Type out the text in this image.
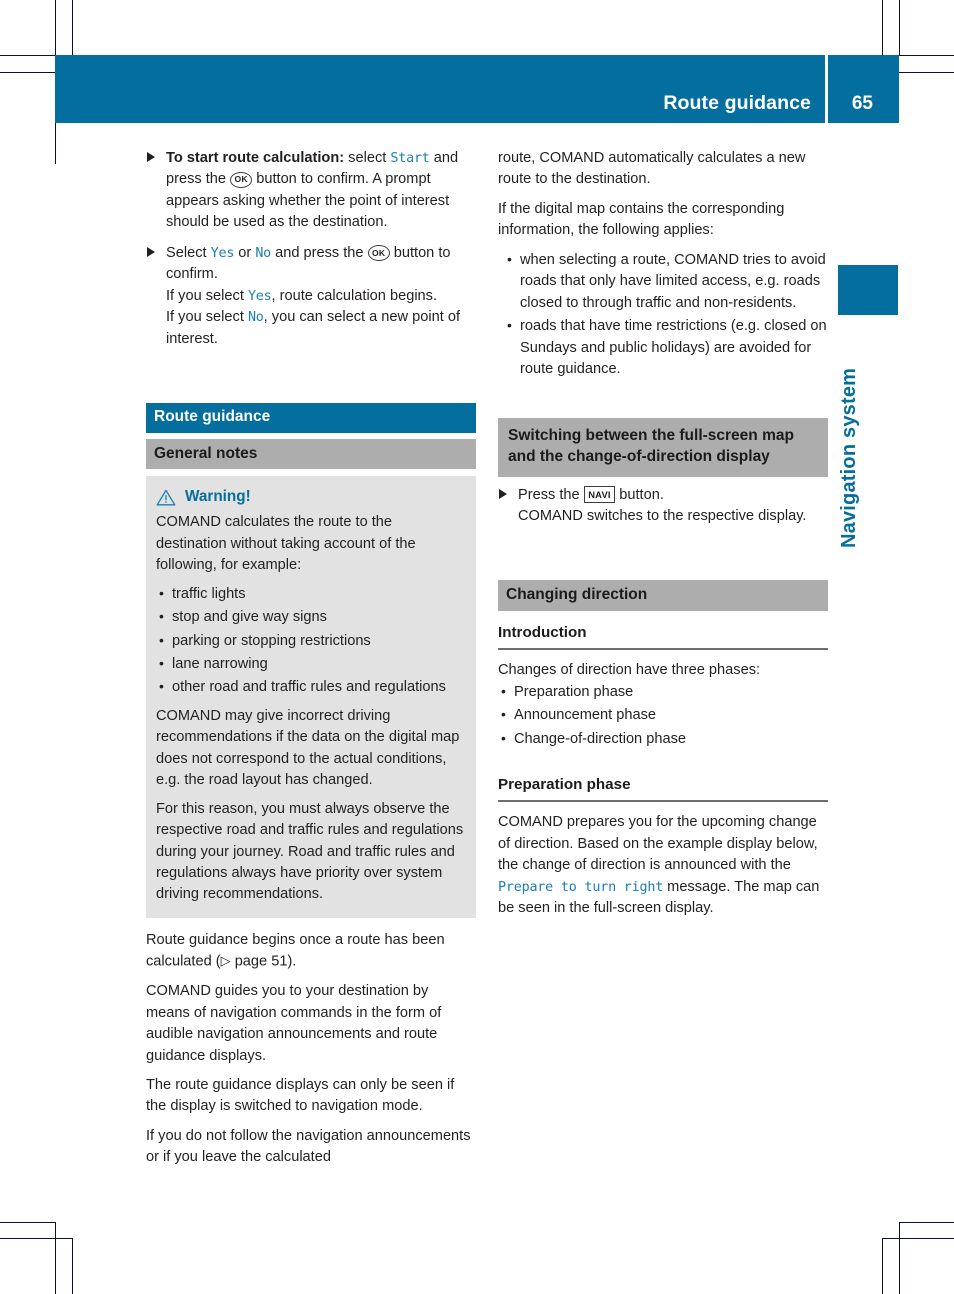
Route guidance 65
Navigation system

To start route calculation: select Start and press the OK button to confirm. A prompt appears asking whether the point of interest should be used as the destination.

Select Yes or No and press the OK button to confirm.
If you select Yes, route calculation begins.
If you select No, you can select a new point of interest.

Route guidance
General notes
Warning!

COMAND calculates the route to the destination without taking account of the following, for example:

• traffic lights
• stop and give way signs
• parking or stopping restrictions
• lane narrowing
• other road and traffic rules and regulations

COMAND may give incorrect driving recommendations if the data on the digital map does not correspond to the actual conditions, e.g. the road layout has changed.

For this reason, you must always observe the respective road and traffic rules and regulations during your journey. Road and traffic rules and regulations always have priority over system driving recommendations.

Route guidance begins once a route has been calculated (▷ page 51).

COMAND guides you to your destination by means of navigation commands in the form of audible navigation announcements and route guidance displays.

The route guidance displays can only be seen if the display is switched to navigation mode.

If you do not follow the navigation announcements or if you leave the calculated

route, COMAND automatically calculates a new route to the destination.

If the digital map contains the corresponding information, the following applies:

• when selecting a route, COMAND tries to avoid roads that only have limited access, e.g. roads closed to through traffic and non-residents.
• roads that have time restrictions (e.g. closed on Sundays and public holidays) are avoided for route guidance.
Switching between the full-screen map and the change-of-direction display

Press the NAVI button.
COMAND switches to the respective display.

Changing direction
Introduction

Changes of direction have three phases:

• Preparation phase
• Announcement phase
• Change-of-direction phase
Preparation phase

COMAND prepares you for the upcoming change of direction. Based on the example display below, the change of direction is announced with the Prepare to turn right message. The map can be seen in the full-screen display.
